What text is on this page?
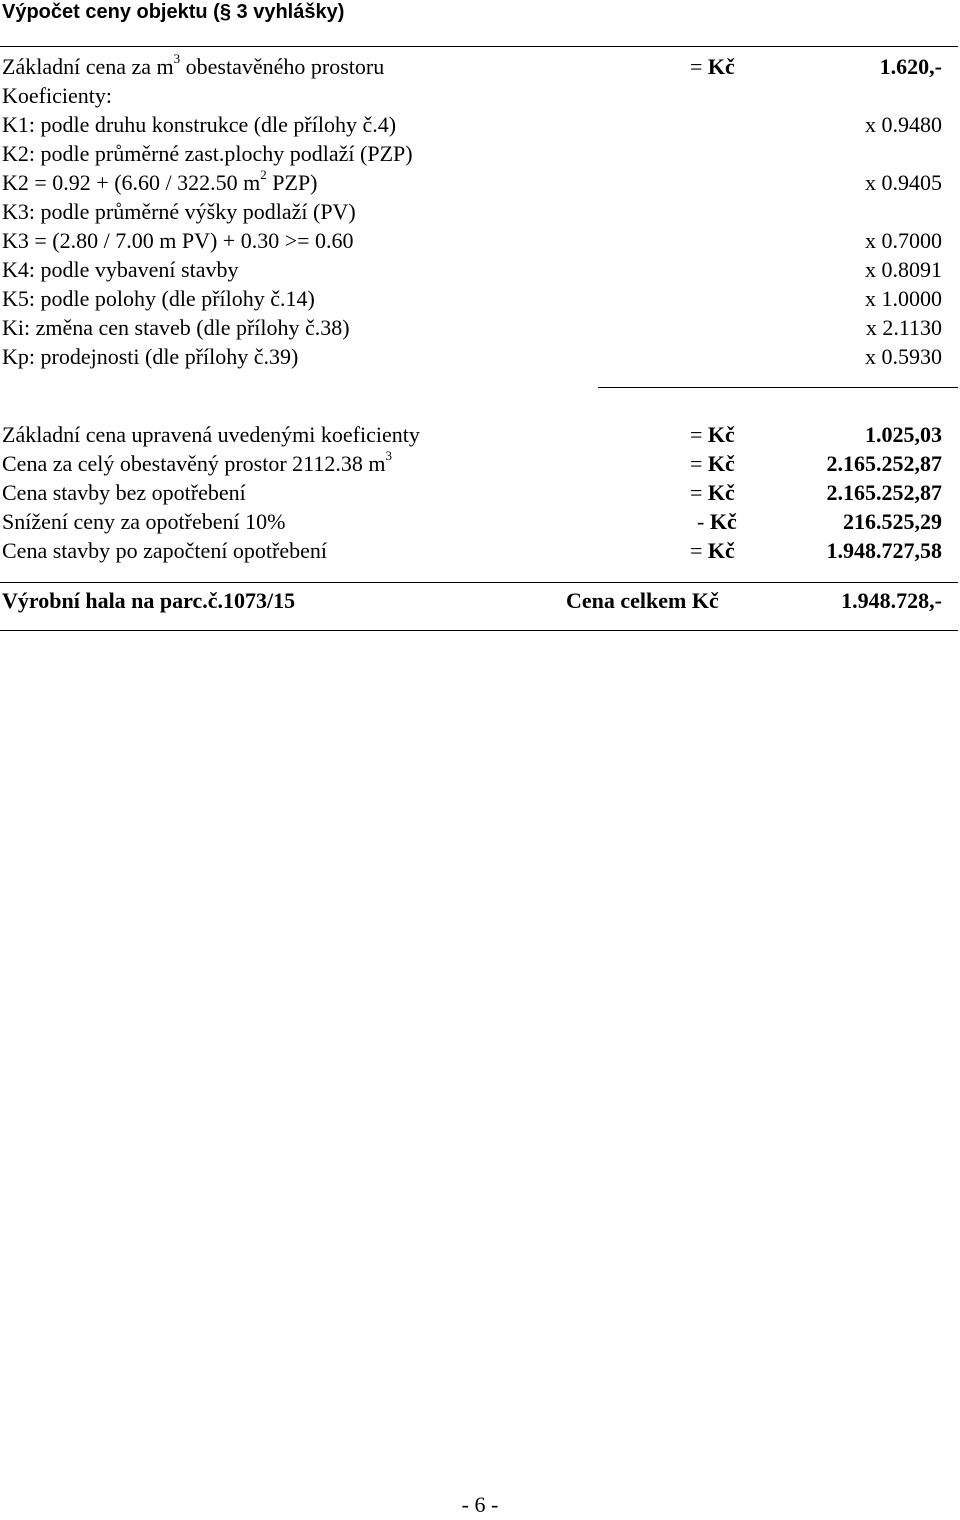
Výpočet ceny objektu (§ 3 vyhlášky)
Základní cena za $m^3$ obestavěného prostoru	= Kč	1.620,-
Koeficienty:
K1: podle druhu konstrukce (dle přílohy č.4)	x 0.9480
K2: podle průměrné zast.plochy podlaží (PZP)
K2 = 0.92 + (6.60 / 322.50 $m^2$ PZP)	x 0.9405
K3: podle průměrné výšky podlaží (PV)
K3 = (2.80 / 7.00 m PV) + 0.30 >= 0.60	x 0.7000
K4: podle vybavení stavby	x 0.8091
K5: podle polohy (dle přílohy č.14)	x 1.0000
Ki: změna cen staveb (dle přílohy č.38)	x 2.1130
Kp: prodejnosti (dle přílohy č.39)	x 0.5930
Základní cena upravená uvedenými koeficienty	= Kč	1.025,03
Cena za celý obestavěný prostor 2112.38 $m^3$	= Kč	2.165.252,87
Cena stavby bez opotřebení	= Kč	2.165.252,87
Snížení ceny za opotřebení 10%	- Kč	216.525,29
Cena stavby po započtení opotřebení	= Kč	1.948.727,58
Výrobní hala na parc.č.1073/15	Cena celkem Kč	1.948.728,-
- 6 -
